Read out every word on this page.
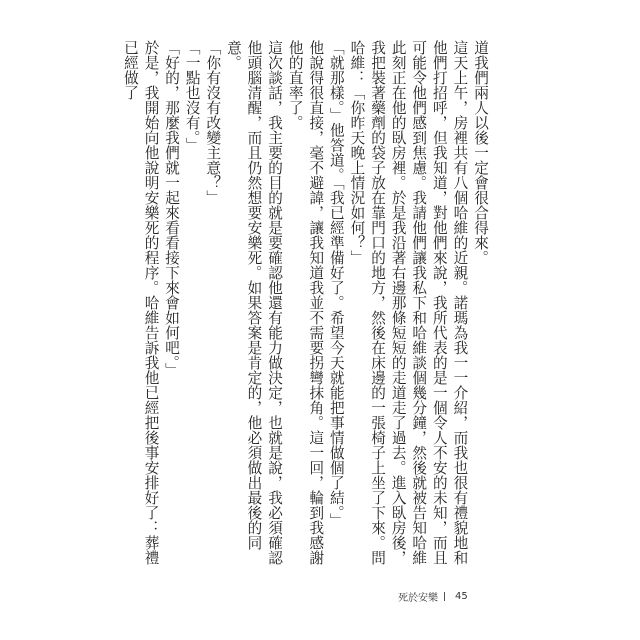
道我們兩人以後一定會很合得來。

這天上午，房裡共有八個哈維的近親。諾瑪為我一一介紹，而我也很有禮貌地和他們打招呼，但我知道，對他們來說，我所代表的是一個令人不安的未知，而且可能令他們感到焦慮。我請他們讓我私下和哈維談個幾分鐘，然後就被告知哈維此刻正在他的臥房裡。於是我沿著右邊那條短短的走道走了過去。進入臥房後，我把裝著藥劑的袋子放在靠門口的地方，然後在床邊的一張椅子上坐了下來。問哈維：「你昨天晚上情況如何？」

「就那樣。」他答道。「我已經準備好了。希望今天就能把事情做個了結。」

他說得很直接，毫不避諱，讓我知道我並不需要拐彎抹角。這一回，輪到我感謝他的直率了。

這次談話，我主要的目的就是要確認他還有能力做決定，也就是說，我必須確認他頭腦清醒，而且仍然想要安樂死。如果答案是肯定的，他必須做出最後的同意。

「你有沒有改變主意？」

「一點也沒有。」

「好的，那麼我們就一起來看看接下來會如何吧。」

於是，我開始向他說明安樂死的程序。哈維告訴我他已經把後事安排好了：葬禮已經做了

死於安樂 45
